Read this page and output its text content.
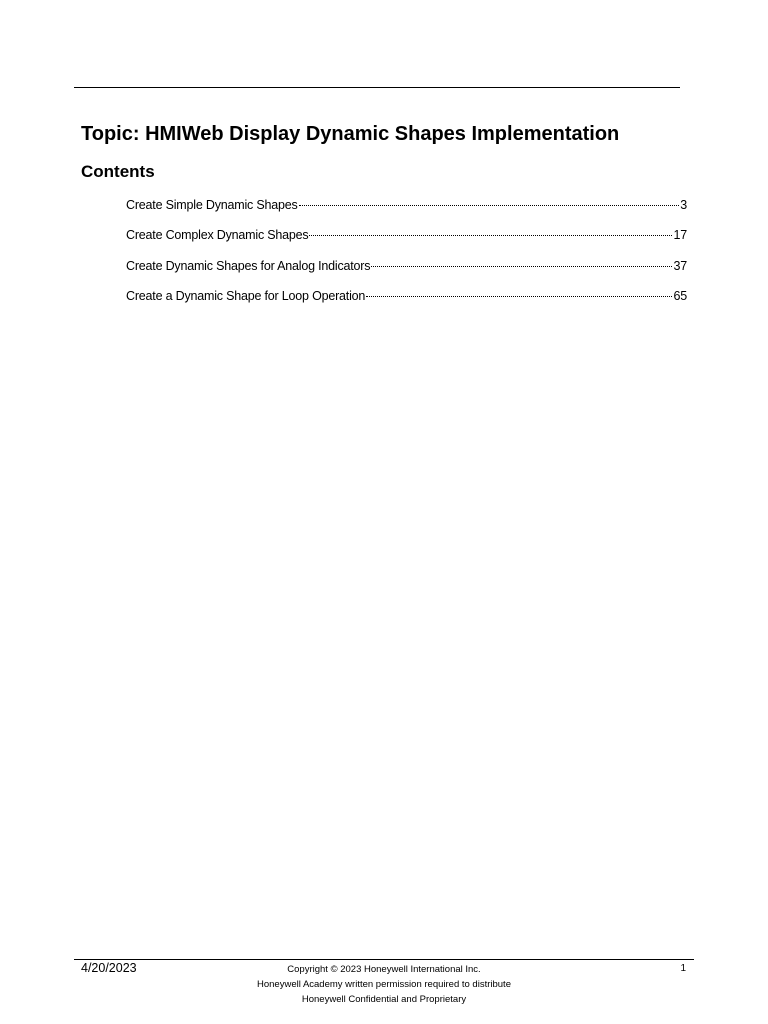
Topic: HMIWeb Display Dynamic Shapes Implementation
Contents
Create Simple Dynamic Shapes	3
Create Complex Dynamic Shapes	17
Create Dynamic Shapes for Analog Indicators	37
Create a Dynamic Shape for Loop Operation	65
4/20/2023	Copyright © 2023 Honeywell International Inc.
Honeywell Academy written permission required to distribute
Honeywell Confidential and Proprietary
1
